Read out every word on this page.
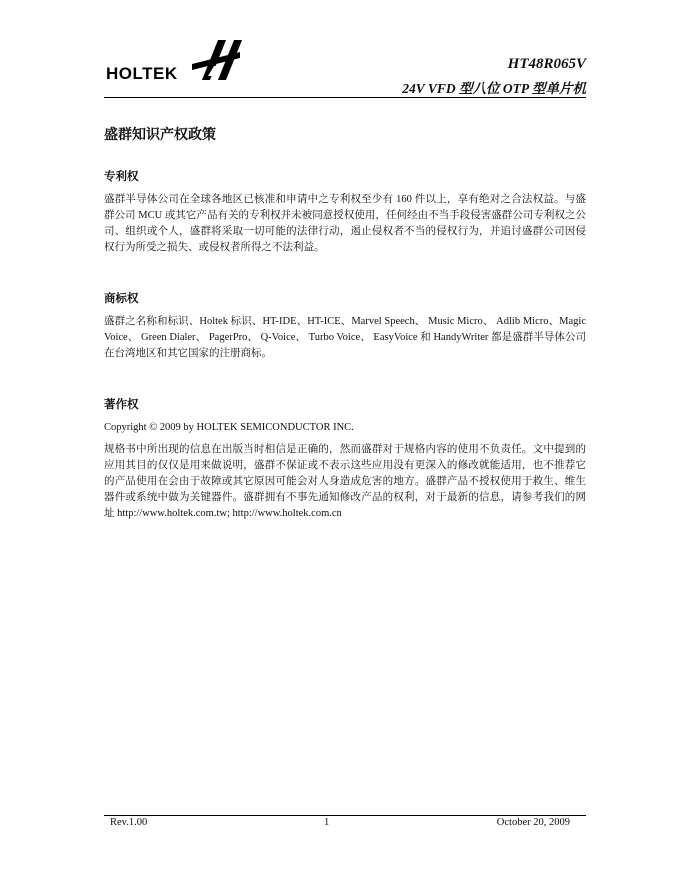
HOLTEK	HT48R065V
24V VFD 型八位 OTP 型单片机
盛群知识产权政策
专利权

盛群半导体公司在全球各地区已核准和申请中之专利权至少有 160 件以上，享有绝对之合法权益。与盛群公司 MCU 或其它产品有关的专利权并未被同意授权使用，任何经由不当手段侵害盛群公司专利权之公司、组织或个人，盛群将采取一切可能的法律行动，遏止侵权者不当的侵权行为，并追讨盛群公司因侵权行为所受之损失、或侵权者所得之不法利益。

商标权

盛群之名称和标识、Holtek 标识、HT-IDE、HT-ICE、Marvel Speech、 Music Micro、 Adlib Micro、Magic Voice、 Green Dialer、 PagerPro、 Q-Voice、 Turbo Voice、 EasyVoice 和 HandyWriter 都是盛群半导体公司在台湾地区和其它国家的注册商标。

著作权

Copyright © 2009 by HOLTEK SEMICONDUCTOR INC.

规格书中所出现的信息在出版当时相信是正确的，然而盛群对于规格内容的使用不负责任。文中提到的应用其目的仅仅是用来做说明，盛群不保证或不表示这些应用没有更深入的修改就能适用，也不推荐它的产品使用在会由于故障或其它原因可能会对人身造成危害的地方。盛群产品不授权使用于救生、维生器件或系统中做为关键器件。盛群拥有不事先通知修改产品的权利，对于最新的信息，请参考我们的网址 http://www.holtek.com.tw; http://www.holtek.com.cn

Rev.1.00	1	October 20, 2009
